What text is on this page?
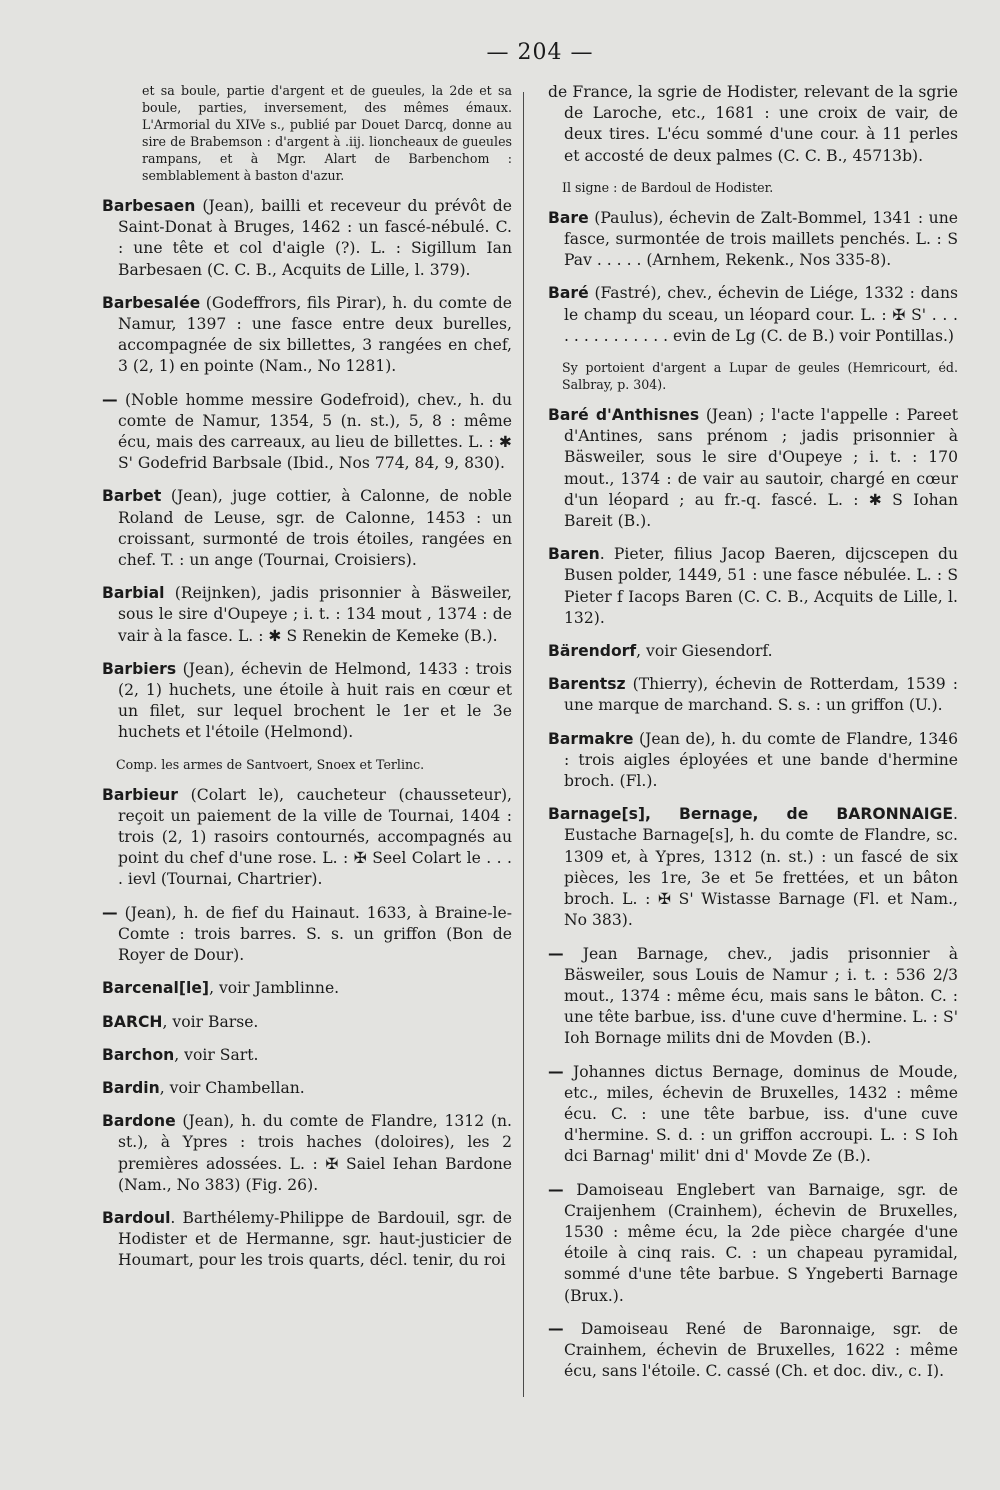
— 204 —

et sa boule, partie d'argent et de gueules, la 2de et sa boule, parties, inversement, des mêmes émaux. L'Armorial du XIVe s., publié par Douet Darcq, donne au sire de Brabemson : d'argent à .iij. lioncheaux de gueules rampans, et à Mgr. Alart de Barbenchom : semblablement à baston d'azur.

Barbesaen (Jean), bailli et receveur du prévôt de Saint-Donat à Bruges, 1462 : un fascé-nébulé. C. : une tête et col d'aigle (?). L. : Sigillum Ian Barbesaen (C. C. B., Acquits de Lille, l. 379).

Barbesalée (Godeffrors, fils Pirar), h. du comte de Namur, 1397 : une fasce entre deux burelles, accompagnée de six billettes, 3 rangées en chef, 3 (2, 1) en pointe (Nam., No 1281).

— (Noble homme messire Godefroid), chev., h. du comte de Namur, 1354, 5 (n. st.), 5, 8 : même écu, mais des carreaux, au lieu de billettes. L. : ✱ S' Godefrid Barbsale (Ibid., Nos 774, 84, 9, 830).

Barbet (Jean), juge cottier, à Calonne, de noble Roland de Leuse, sgr. de Calonne, 1453 : un croissant, surmonté de trois étoiles, rangées en chef. T. : un ange (Tournai, Croisiers).

Barbial (Reijnken), jadis prisonnier à Bäsweiler, sous le sire d'Oupeye ; i. t. : 134 mout , 1374 : de vair à la fasce. L. : ✱ S Renekin de Kemeke (B.).

Barbiers (Jean), échevin de Helmond, 1433 : trois (2, 1) huchets, une étoile à huit rais en cœur et un filet, sur lequel brochent le 1er et le 3e huchets et l'étoile (Helmond).

Comp. les armes de Santvoert, Snoex et Terlinc.

Barbieur (Colart le), caucheteur (chausseteur), reçoit un paiement de la ville de Tournai, 1404 : trois (2, 1) rasoirs contournés, accompagnés au point du chef d'une rose. L. : ✠ Seel Colart le . . . . ievl (Tournai, Chartrier).

— (Jean), h. de fief du Hainaut. 1633, à Braine-le-Comte : trois barres. S. s. un griffon (Bon de Royer de Dour).

Barcenal[le], voir Jamblinne.

BARCH, voir Barse.

Barchon, voir Sart.

Bardin, voir Chambellan.

Bardone (Jean), h. du comte de Flandre, 1312 (n. st.), à Ypres : trois haches (doloires), les 2 premières adossées. L. : ✠ Saiel Iehan Bardone (Nam., No 383) (Fig. 26).

Bardoul. Barthélemy-Philippe de Bardouil, sgr. de Hodister et de Hermanne, sgr. haut-justicier de Houmart, pour les trois quarts, décl. tenir, du roi

de France, la sgrie de Hodister, relevant de la sgrie de Laroche, etc., 1681 : une croix de vair, de deux tires. L'écu sommé d'une cour. à 11 perles et accosté de deux palmes (C. C. B., 45713b).

Il signe : de Bardoul de Hodister.

Bare (Paulus), échevin de Zalt-Bommel, 1341 : une fasce, surmontée de trois maillets penchés. L. : S Pav . . . . . (Arnhem, Rekenk., Nos 335-8).

Baré (Fastré), chev., échevin de Liége, 1332 : dans le champ du sceau, un léopard cour. L. : ✠ S' . . . . . . . . . . . . . . evin de Lg (C. de B.) voir Pontillas.)

Sy portoient d'argent a Lupar de geules (Hemricourt, éd. Salbray, p. 304).

Baré d'Anthisnes (Jean) ; l'acte l'appelle : Pareet d'Antines, sans prénom ; jadis prisonnier à Bäsweiler, sous le sire d'Oupeye ; i. t. : 170 mout., 1374 : de vair au sautoir, chargé en cœur d'un léopard ; au fr.-q. fascé. L. : ✱ S Iohan Bareit (B.).

Baren. Pieter, filius Jacop Baeren, dijcscepen du Busen polder, 1449, 51 : une fasce nébulée. L. : S Pieter f Iacops Baren (C. C. B., Acquits de Lille, l. 132).

Bärendorf, voir Giesendorf.

Barentsz (Thierry), échevin de Rotterdam, 1539 : une marque de marchand. S. s. : un griffon (U.).

Barmakre (Jean de), h. du comte de Flandre, 1346 : trois aigles éployées et une bande d'hermine broch. (Fl.).

Barnage[s], Bernage, de BARONNAIGE. Eustache Barnage[s], h. du comte de Flandre, sc. 1309 et, à Ypres, 1312 (n. st.) : un fascé de six pièces, les 1re, 3e et 5e frettées, et un bâton broch. L. : ✠ S' Wistasse Barnage (Fl. et Nam., No 383).

— Jean Barnage, chev., jadis prisonnier à Bäsweiler, sous Louis de Namur ; i. t. : 536 2/3 mout., 1374 : même écu, mais sans le bâton. C. : une tête barbue, iss. d'une cuve d'hermine. L. : S' Ioh Bornage milits dni de Movden (B.).

— Johannes dictus Bernage, dominus de Moude, etc., miles, échevin de Bruxelles, 1432 : même écu. C. : une tête barbue, iss. d'une cuve d'hermine. S. d. : un griffon accroupi. L. : S Ioh dci Barnag' milit' dni d' Movde Ze (B.).

— Damoiseau Englebert van Barnaige, sgr. de Craijenhem (Crainhem), échevin de Bruxelles, 1530 : même écu, la 2de pièce chargée d'une étoile à cinq rais. C. : un chapeau pyramidal, sommé d'une tête barbue. S Yngeberti Barnage (Brux.).

— Damoiseau René de Baronnaige, sgr. de Crainhem, échevin de Bruxelles, 1622 : même écu, sans l'étoile. C. cassé (Ch. et doc. div., c. I).
